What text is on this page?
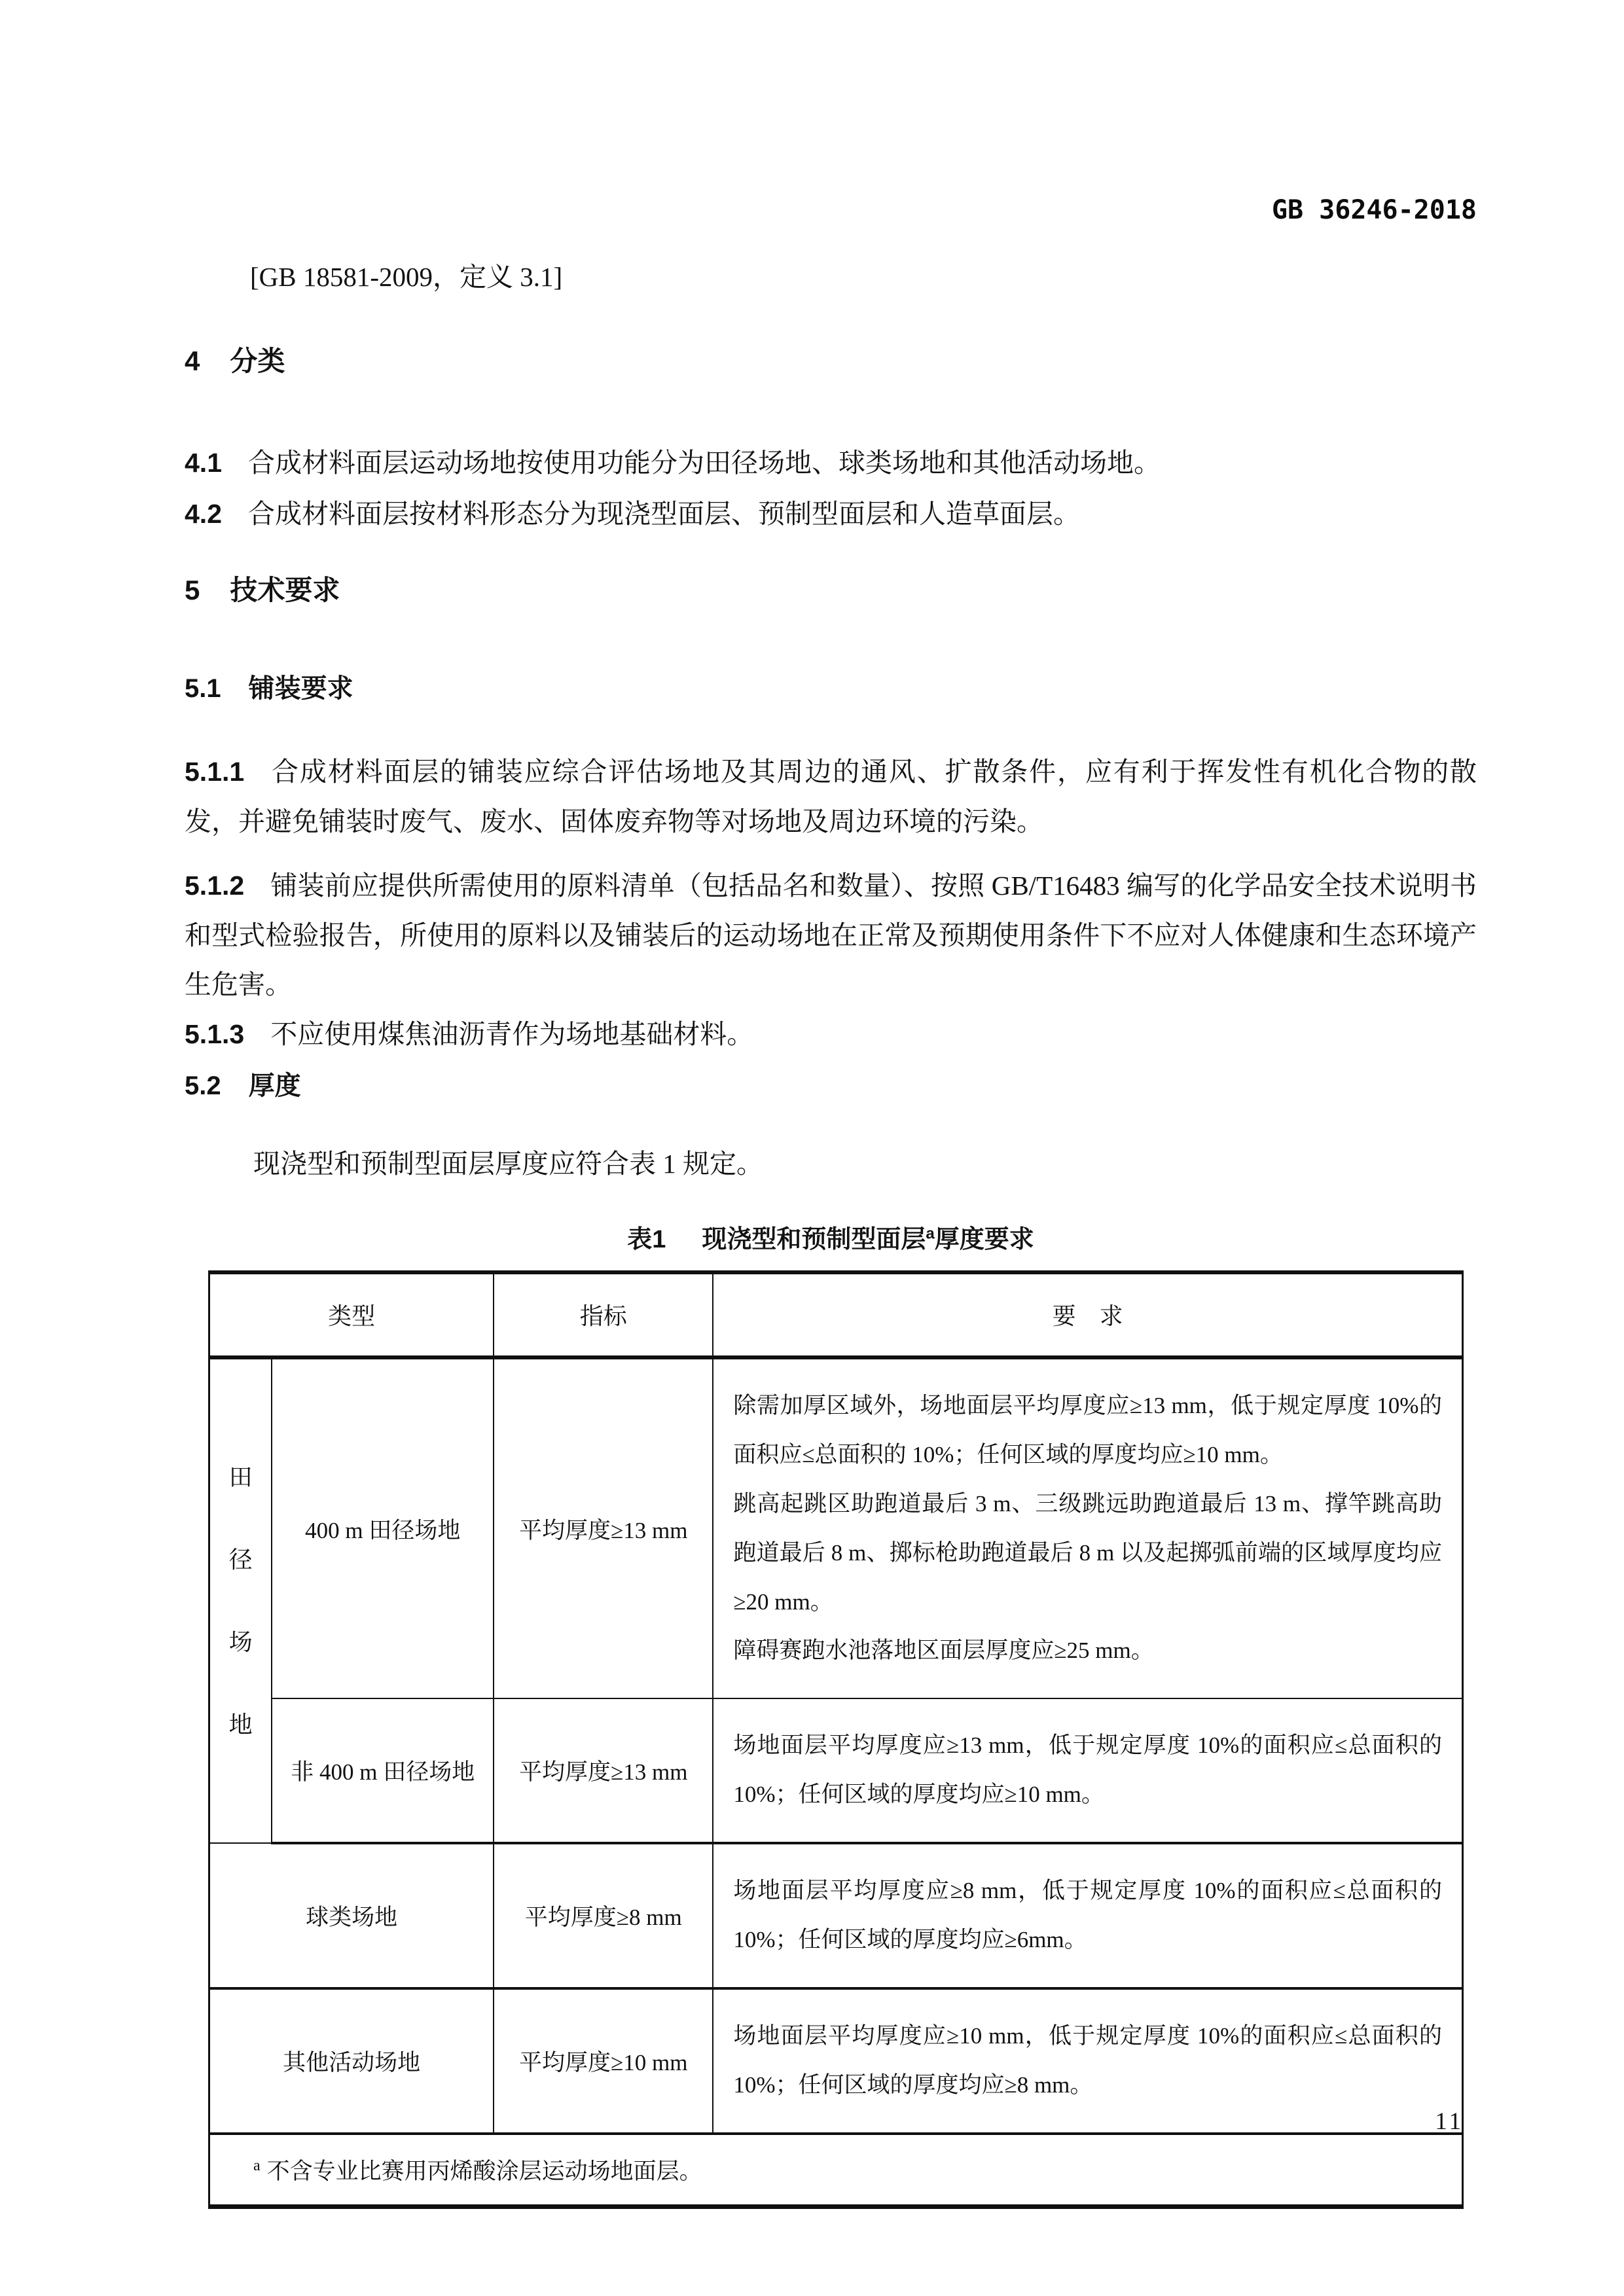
GB 36246-2018

[GB 18581-2009，定义 3.1]

4 分类

4.1 合成材料面层运动场地按使用功能分为田径场地、球类场地和其他活动场地。

4.2 合成材料面层按材料形态分为现浇型面层、预制型面层和人造草面层。

5 技术要求
5.1 铺装要求

5.1.1 合成材料面层的铺装应综合评估场地及其周边的通风、扩散条件，应有利于挥发性有机化合物的散发，并避免铺装时废气、废水、固体废弃物等对场地及周边环境的污染。

5.1.2 铺装前应提供所需使用的原料清单（包括品名和数量）、按照 GB/T16483 编写的化学品安全技术说明书和型式检验报告，所使用的原料以及铺装后的运动场地在正常及预期使用条件下不应对人体健康和生态环境产生危害。

5.1.3 不应使用煤焦油沥青作为场地基础材料。

5.2 厚度

现浇型和预制型面层厚度应符合表 1 规定。

表1 现浇型和预制型面层$^a$厚度要求
类型		指标	要　求

田径场地	400 m 田径场地	平均厚度≥13 mm	除需加厚区域外，场地面层平均厚度应≥13 mm，低于规定厚度 10%的面积应≤总面积的 10%；任何区域的厚度均应≥10 mm。

跳高起跳区助跑道最后 3 m、三级跳远助跑道最后 13 m、撑竿跳高助跑道最后 8 m、掷标枪助跑道最后 8 m 以及起掷弧前端的区域厚度均应≥20 mm。

障碍赛跑水池落地区面层厚度应≥25 mm。

	非 400 m 田径场地	平均厚度≥13 mm	场地面层平均厚度应≥13 mm，低于规定厚度 10%的面积应≤总面积的 10%；任何区域的厚度均应≥10 mm。

球类场地		平均厚度≥8 mm	场地面层平均厚度应≥8 mm，低于规定厚度 10%的面积应≤总面积的 10%；任何区域的厚度均应≥6mm。

其他活动场地		平均厚度≥10 mm	场地面层平均厚度应≥10 mm，低于规定厚度 10%的面积应≤总面积的 10%；任何区域的厚度均应≥8 mm。

$^a$ 不含专业比赛用丙烯酸涂层运动场地面层。			
11
